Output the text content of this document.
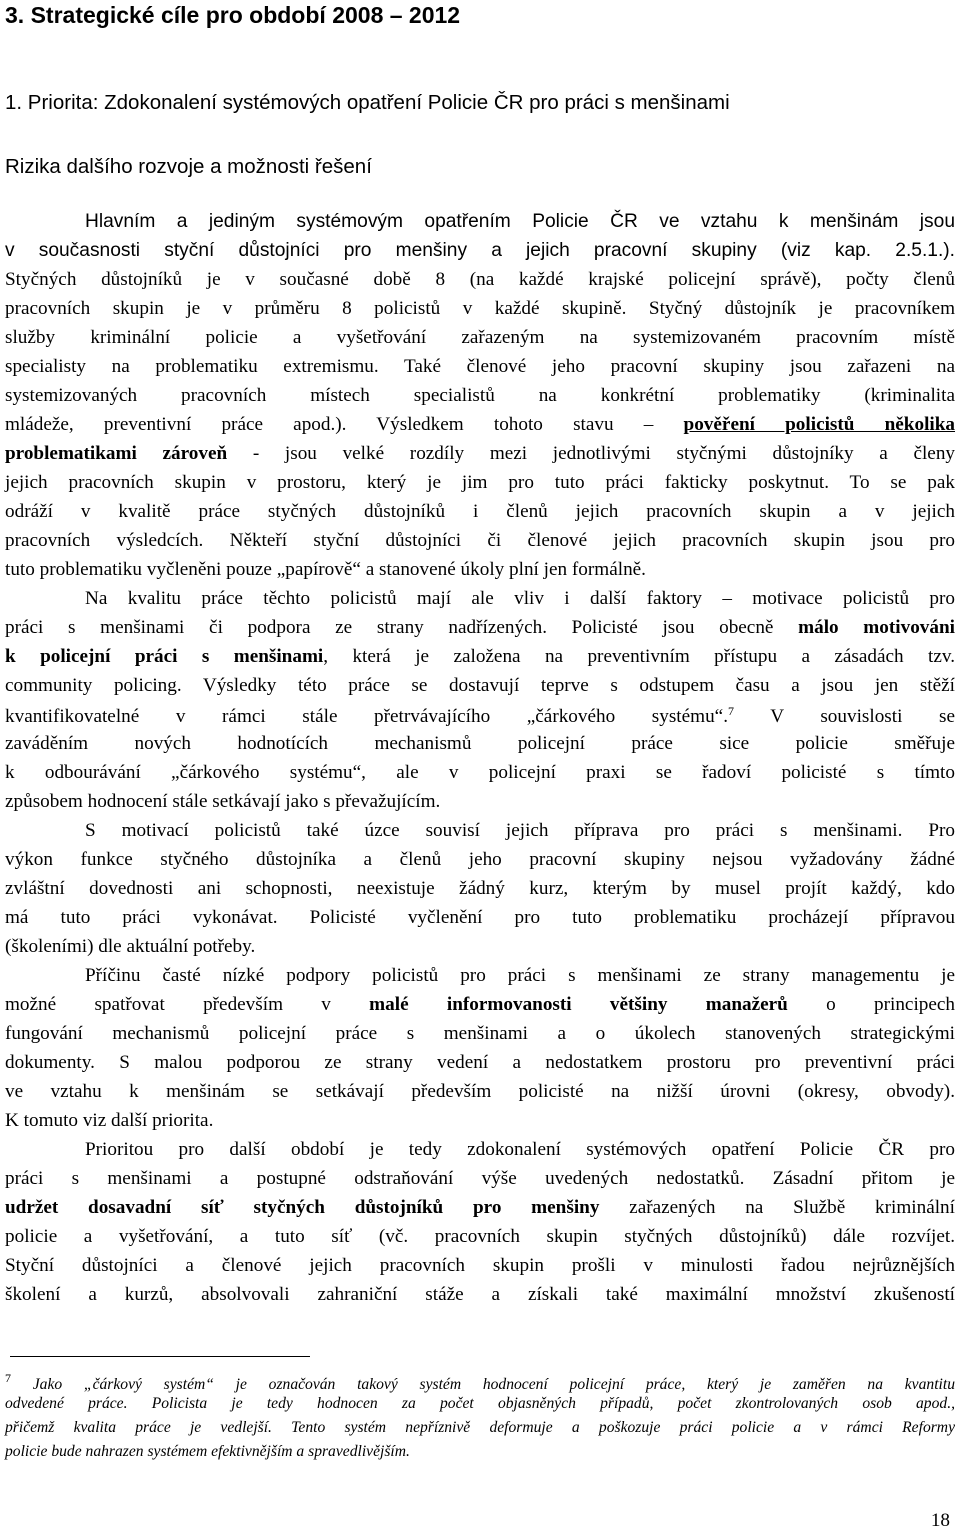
3. Strategické cíle pro období 2008 – 2012
1. Priorita: Zdokonalení systémových opatření Policie ČR pro práci s menšinami
Rizika dalšího rozvoje a možnosti řešení
Hlavním a jediným systémovým opatřením Policie ČR ve vztahu k menšinám jsou
v současnosti styční důstojníci pro menšiny a jejich pracovní skupiny (viz kap. 2.5.1.).
Styčných důstojníků je v současné době 8 (na každé krajské policejní správě), počty členů
pracovních skupin je v průměru 8 policistů v každé skupině. Styčný důstojník je pracovníkem
služby kriminální policie a vyšetřování zařazeným na systemizovaném pracovním místě
specialisty na problematiku extremismu. Také členové jeho pracovní skupiny jsou zařazeni na
systemizovaných pracovních místech specialistů na konkrétní problematiky (kriminalita
mládeže, preventivní práce apod.). Výsledkem tohoto stavu – pověření policistů několika
problematikami zároveň - jsou velké rozdíly mezi jednotlivými styčnými důstojníky a členy
jejich pracovních skupin v prostoru, který je jim pro tuto práci fakticky poskytnut. To se pak
odráží v kvalitě práce styčných důstojníků i členů jejich pracovních skupin a v jejich
pracovních výsledcích. Někteří styční důstojníci či členové jejich pracovních skupin jsou pro
tuto problematiku vyčleněni pouze „papírově“ a stanovené úkoly plní jen formálně.
Na kvalitu práce těchto policistů mají ale vliv i další faktory – motivace policistů pro
práci s menšinami či podpora ze strany nadřízených. Policisté jsou obecně málo motivováni
k policejní práci s menšinami, která je založena na preventivním přístupu a zásadách tzv.
community policing. Výsledky této práce se dostavují teprve s odstupem času a jsou jen stěží
kvantifikovatelné v rámci stále přetrvávajícího „čárkového systému“.$^7$ V souvislosti se
zaváděním nových hodnotících mechanismů policejní práce sice policie směřuje
k odbourávání „čárkového systému“, ale v policejní praxi se řadoví policisté s tímto
způsobem hodnocení stále setkávají jako s převažujícím.
S motivací policistů také úzce souvisí jejich příprava pro práci s menšinami. Pro
výkon funkce styčného důstojníka a členů jeho pracovní skupiny nejsou vyžadovány žádné
zvláštní dovednosti ani schopnosti, neexistuje žádný kurz, kterým by musel projít každý, kdo
má tuto práci vykonávat. Policisté vyčlenění pro tuto problematiku procházejí přípravou
(školeními) dle aktuální potřeby.
Příčinu časté nízké podpory policistů pro práci s menšinami ze strany managementu je
možné spatřovat především v malé informovanosti většiny manažerů o principech
fungování mechanismů policejní práce s menšinami a o úkolech stanovených strategickými
dokumenty. S malou podporou ze strany vedení a nedostatkem prostoru pro preventivní práci
ve vztahu k menšinám se setkávají především policisté na nižší úrovni (okresy, obvody).
K tomuto viz další priorita.
Prioritou pro další období je tedy zdokonalení systémových opatření Policie ČR pro
práci s menšinami a postupné odstraňování výše uvedených nedostatků. Zásadní přitom je
udržet dosavadní síť styčných důstojníků pro menšiny zařazených na Službě kriminální
policie a vyšetřování, a tuto síť (vč. pracovních skupin styčných důstojníků) dále rozvíjet.
Styční důstojníci a členové jejich pracovních skupin prošli v minulosti řadou nejrůznějších
školení a kurzů, absolvovali zahraniční stáže a získali také maximální množství zkušeností
$^7$ Jako „čárkový systém“ je označován takový systém hodnocení policejní práce, který je zaměřen na kvantitu
odvedené práce. Policista je tedy hodnocen za počet objasněných případů, počet zkontrolovaných osob apod.,
přičemž kvalita práce je vedlejší. Tento systém nepříznivě deformuje a poškozuje práci policie a v rámci Reformy
policie bude nahrazen systémem efektivnějším a spravedlivějším.
18
